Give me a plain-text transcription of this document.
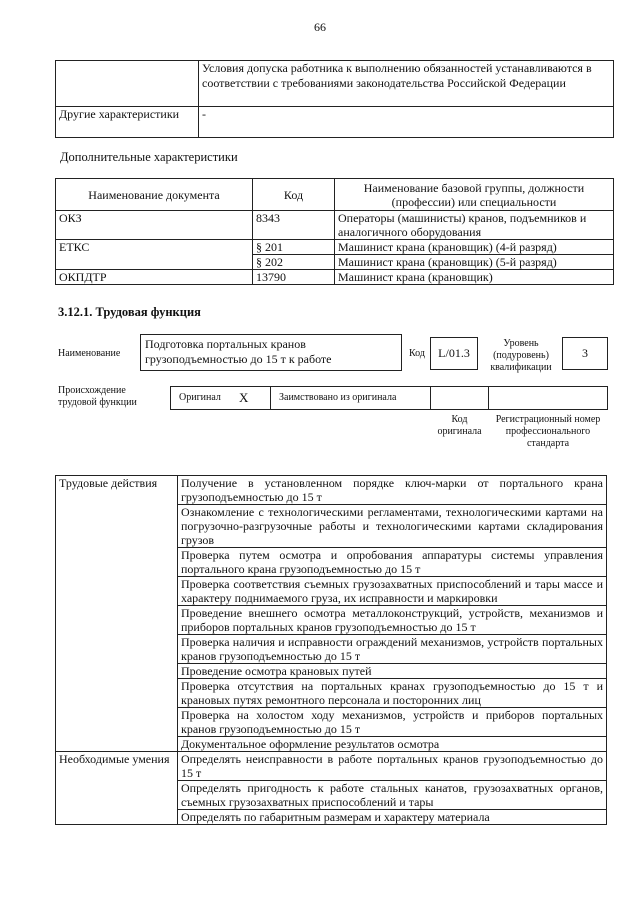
66
	Условия допуска работника к выполнению обязанностей устанавливаются в соответствии с требованиями законодательства Российской Федерации
Другие характеристики	-
Дополнительные характеристики
Наименование документа	Код	Наименование базовой группы, должности (профессии) или специальности
ОКЗ	8343	Операторы (машинисты) кранов, подъемников и аналогичного оборудования
ЕТКС	§ 201	Машинист крана (крановщик) (4-й разряд)
	§ 202	Машинист крана (крановщик) (5-й разряд)
ОКПДТР	13790	Машинист крана (крановщик)
3.12.1. Трудовая функция
Наименование
Подготовка портальных кранов грузоподъемностью до 15 т к работе	Код	L/01.3
Уровень (подуровень) квалификации
3
Происхождение трудовой функции	Оригинал X	Заимствовано из оригинала
Код оригинала
Регистрационный номер профессионального стандарта
Трудовые действия	Получение в установленном порядке ключ-марки от портального крана грузоподъемностью до 15 т
	Ознакомление с технологическими регламентами, технологическими картами на погрузочно-разгрузочные работы и технологическими картами складирования грузов
	Проверка путем осмотра и опробования аппаратуры системы управления портального крана грузоподъемностью до 15 т
	Проверка соответствия съемных грузозахватных приспособлений и тары массе и характеру поднимаемого груза, их исправности и маркировки
	Проведение внешнего осмотра металлоконструкций, устройств, механизмов и приборов портальных кранов грузоподъемностью до 15 т
	Проверка наличия и исправности ограждений механизмов, устройств портальных кранов грузоподъемностью до 15 т
	Проведение осмотра крановых путей
	Проверка отсутствия на портальных кранах грузоподъемностью до 15 т и крановых путях ремонтного персонала и посторонних лиц
	Проверка на холостом ходу механизмов, устройств и приборов портальных кранов грузоподъемностью до 15 т
	Документальное оформление результатов осмотра
Необходимые умения	Определять неисправности в работе портальных кранов грузоподъемностью до 15 т
	Определять пригодность к работе стальных канатов, грузозахватных органов, съемных грузозахватных приспособлений и тары
	Определять по габаритным размерам и характеру материала
